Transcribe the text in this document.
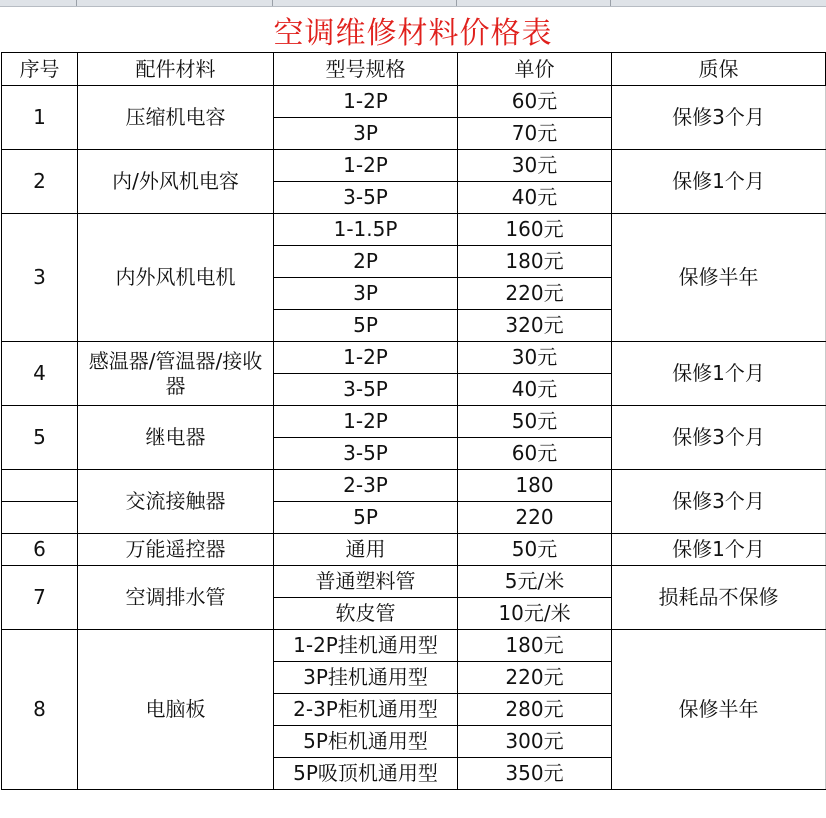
空调维修材料价格表
序号	配件材料	型号规格	单价	质保
1	压缩机电容	1-2P	60元	保修3个月
		3P	70元	
2	内/外风机电容	1-2P	30元	保修1个月
		3-5P	40元	
3	内外风机电机	1-1.5P	160元	保修半年
		2P	180元	
		3P	220元	
		5P	320元	
4	感温器/管温器/接收器	1-2P	30元	保修1个月
		3-5P	40元	
5	继电器	1-2P	50元	保修3个月
		3-5P	60元	
	交流接触器	2-3P	180	保修3个月
		5P	220	
6	万能遥控器	通用	50元	保修1个月
7	空调排水管	普通塑料管	5元/米	损耗品不保修
		软皮管	10元/米	
8	电脑板	1-2P挂机通用型	180元	保修半年
		3P挂机通用型	220元	
		2-3P柜机通用型	280元	
		5P柜机通用型	300元	
		5P吸顶机通用型	350元	
